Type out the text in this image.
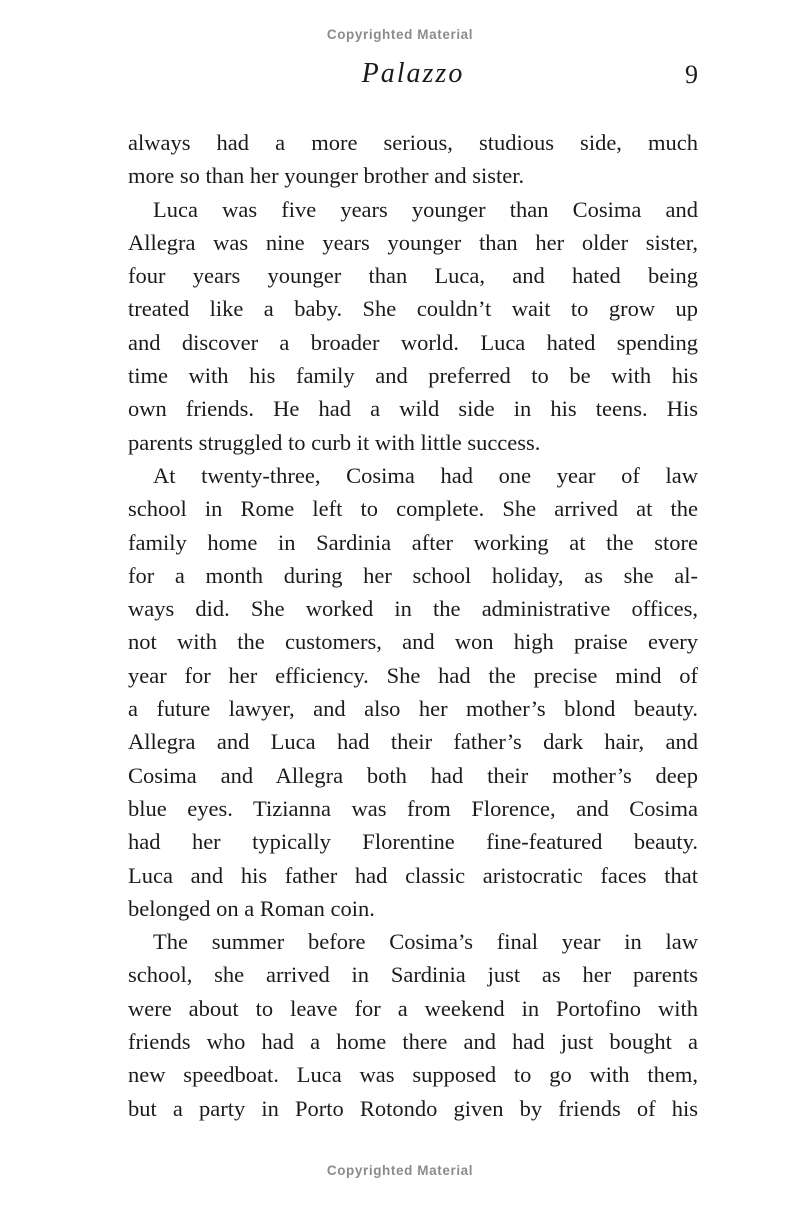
Copyrighted Material
Palazzo	9
always had a more serious, studious side, much
more so than her younger brother and sister.
Luca was five years younger than Cosima and
Allegra was nine years younger than her older sister,
four years younger than Luca, and hated being
treated like a baby. She couldn’t wait to grow up
and discover a broader world. Luca hated spending
time with his family and preferred to be with his
own friends. He had a wild side in his teens. His
parents struggled to curb it with little success.
At twenty-three, Cosima had one year of law
school in Rome left to complete. She arrived at the
family home in Sardinia after working at the store
for a month during her school holiday, as she al-
ways did. She worked in the administrative offices,
not with the customers, and won high praise every
year for her efficiency. She had the precise mind of
a future lawyer, and also her mother’s blond beauty.
Allegra and Luca had their father’s dark hair, and
Cosima and Allegra both had their mother’s deep
blue eyes. Tizianna was from Florence, and Cosima
had her typically Florentine fine-featured beauty.
Luca and his father had classic aristocratic faces that
belonged on a Roman coin.
The summer before Cosima’s final year in law
school, she arrived in Sardinia just as her parents
were about to leave for a weekend in Portofino with
friends who had a home there and had just bought a
new speedboat. Luca was supposed to go with them,
but a party in Porto Rotondo given by friends of his
Copyrighted Material
